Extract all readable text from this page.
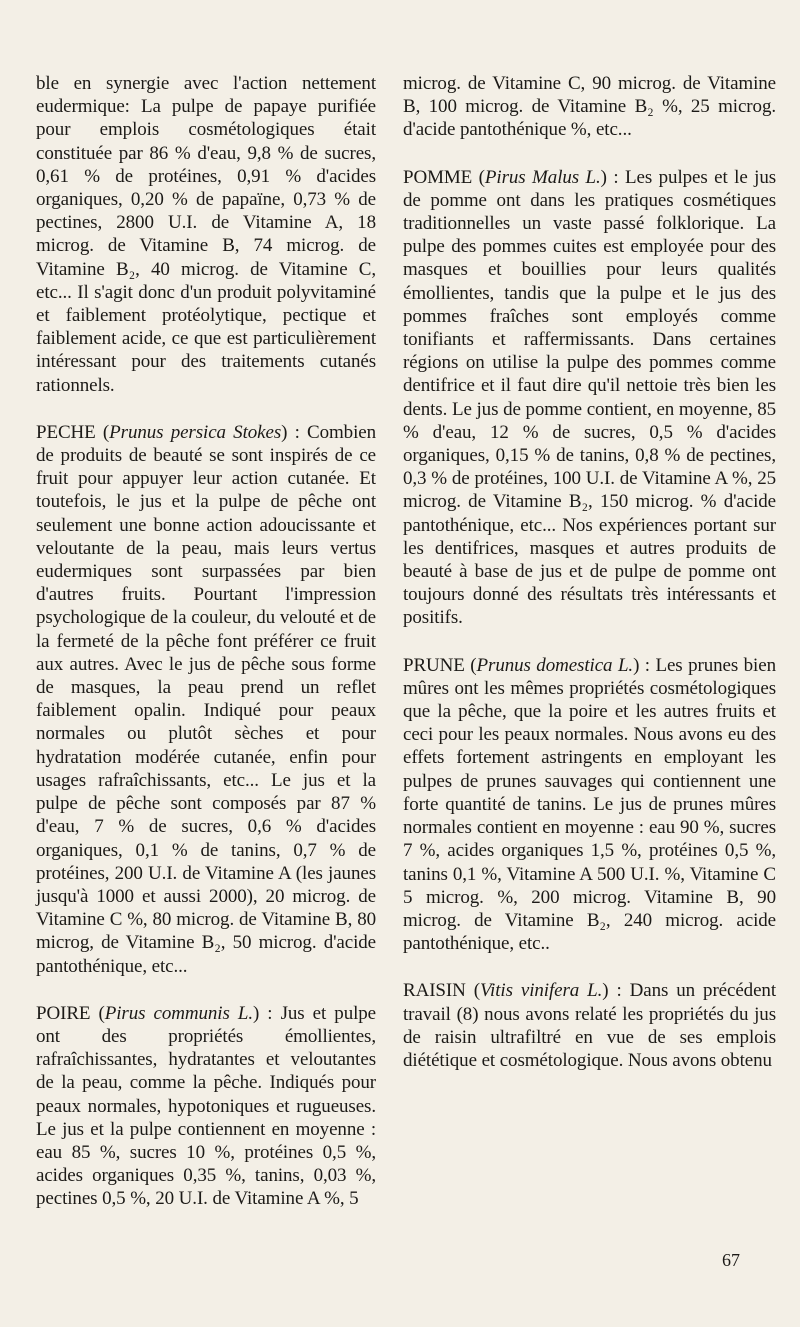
ble en synergie avec l'action nettement eudermique: La pulpe de papaye purifiée pour emplois cosmétologiques était constituée par 86 % d'eau, 9,8 % de sucres, 0,61 % de protéines, 0,91 % d'acides organiques, 0,20 % de papaïne, 0,73 % de pectines, 2800 U.I. de Vitamine A, 18 microg. de Vitamine B, 74 microg. de Vitamine B₂, 40 microg. de Vitamine C, etc... Il s'agit donc d'un produit polyvitaminé et faiblement protéolytique, pectique et faiblement acide, ce que est particulièrement intéressant pour des traitements cutanés rationnels.

PECHE (Prunus persica Stokes) : Combien de produits de beauté se sont inspirés de ce fruit pour appuyer leur action cutanée. Et toutefois, le jus et la pulpe de pêche ont seulement une bonne action adoucissante et veloutante de la peau, mais leurs vertus eudermiques sont surpassées par bien d'autres fruits. Pourtant l'impression psychologique de la couleur, du velouté et de la fermeté de la pêche font préférer ce fruit aux autres. Avec le jus de pêche sous forme de masques, la peau prend un reflet faiblement opalin. Indiqué pour peaux normales ou plutôt sèches et pour hydratation modérée cutanée, enfin pour usages rafraîchissants, etc... Le jus et la pulpe de pêche sont composés par 87 % d'eau, 7 % de sucres, 0,6 % d'acides organiques, 0,1 % de tanins, 0,7 % de protéines, 200 U.I. de Vitamine A (les jaunes jusqu'à 1000 et aussi 2000), 20 microg. de Vitamine C %, 80 microg. de Vitamine B, 80 microg, de Vitamine B₂, 50 microg. d'acide pantothénique, etc...

POIRE (Pirus communis L.) : Jus et pulpe ont des propriétés émollientes, rafraîchissantes, hydratantes et veloutantes de la peau, comme la pêche. Indiqués pour peaux normales, hypotoniques et rugueuses. Le jus et la pulpe contiennent en moyenne : eau 85 %, sucres 10 %, protéines 0,5 %, acides organiques 0,35 %, tanins, 0,03 %, pectines 0,5 %, 20 U.I. de Vitamine A %, 5

microg. de Vitamine C, 90 microg. de Vitamine B, 100 microg. de Vitamine B₂ %, 25 microg. d'acide pantothénique %, etc...

POMME (Pirus Malus L.) : Les pulpes et le jus de pomme ont dans les pratiques cosmétiques traditionnelles un vaste passé folklorique. La pulpe des pommes cuites est employée pour des masques et bouillies pour leurs qualités émollientes, tandis que la pulpe et le jus des pommes fraîches sont employés comme tonifiants et raffermissants. Dans certaines régions on utilise la pulpe des pommes comme dentifrice et il faut dire qu'il nettoie très bien les dents. Le jus de pomme contient, en moyenne, 85 % d'eau, 12 % de sucres, 0,5 % d'acides organiques, 0,15 % de tanins, 0,8 % de pectines, 0,3 % de protéines, 100 U.I. de Vitamine A %, 25 microg. de Vitamine B₂, 150 microg. % d'acide pantothénique, etc... Nos expériences portant sur les dentifrices, masques et autres produits de beauté à base de jus et de pulpe de pomme ont toujours donné des résultats très intéressants et positifs.

PRUNE (Prunus domestica L.) : Les prunes bien mûres ont les mêmes propriétés cosmétologiques que la pêche, que la poire et les autres fruits et ceci pour les peaux normales. Nous avons eu des effets fortement astringents en employant les pulpes de prunes sauvages qui contiennent une forte quantité de tanins. Le jus de prunes mûres normales contient en moyenne : eau 90 %, sucres 7 %, acides organiques 1,5 %, protéines 0,5 %, tanins 0,1 %, Vitamine A 500 U.I. %, Vitamine C 5 microg. %, 200 microg. Vitamine B, 90 microg. de Vitamine B₂, 240 microg. acide pantothénique, etc..

RAISIN (Vitis vinifera L.) : Dans un précédent travail (8) nous avons relaté les propriétés du jus de raisin ultrafiltré en vue de ses emplois diététique et cosmétologique. Nous avons obtenu

67
